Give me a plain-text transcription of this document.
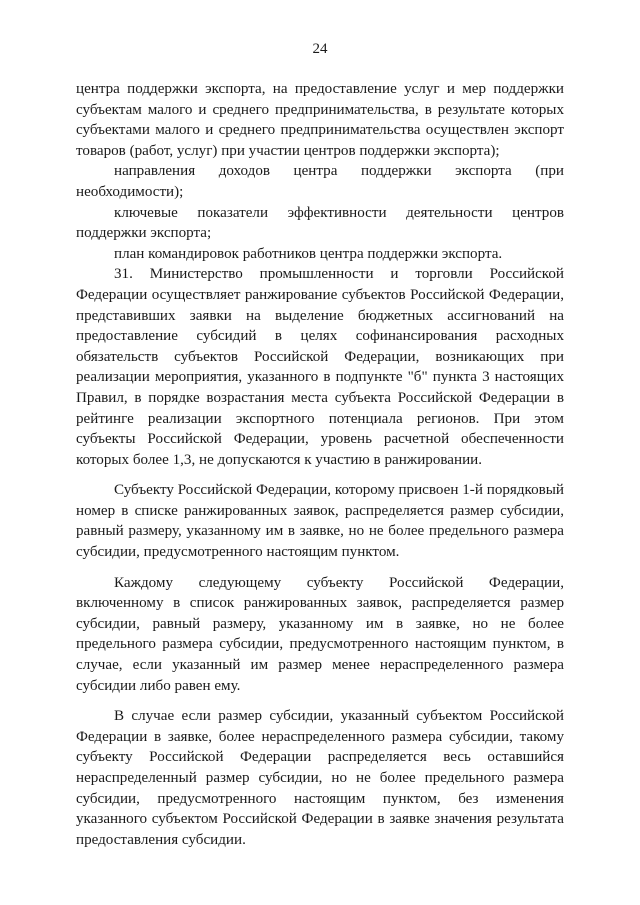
24

центра поддержки экспорта, на предоставление услуг и мер поддержки субъектам малого и среднего предпринимательства, в результате которых субъектами малого и среднего предпринимательства осуществлен экспорт товаров (работ, услуг) при участии центров поддержки экспорта);

направления доходов центра поддержки экспорта (при необходимости);

ключевые показатели эффективности деятельности центров поддержки экспорта;

план командировок работников центра поддержки экспорта.

31. Министерство промышленности и торговли Российской Федерации осуществляет ранжирование субъектов Российской Федерации, представивших заявки на выделение бюджетных ассигнований на предоставление субсидий в целях софинансирования расходных обязательств субъектов Российской Федерации, возникающих при реализации мероприятия, указанного в подпункте "б" пункта 3 настоящих Правил, в порядке возрастания места субъекта Российской Федерации в рейтинге реализации экспортного потенциала регионов. При этом субъекты Российской Федерации, уровень расчетной обеспеченности которых более 1,3, не допускаются к участию в ранжировании.

Субъекту Российской Федерации, которому присвоен 1-й порядковый номер в списке ранжированных заявок, распределяется размер субсидии, равный размеру, указанному им в заявке, но не более предельного размера субсидии, предусмотренного настоящим пунктом.

Каждому следующему субъекту Российской Федерации, включенному в список ранжированных заявок, распределяется размер субсидии, равный размеру, указанному им в заявке, но не более предельного размера субсидии, предусмотренного настоящим пунктом, в случае, если указанный им размер менее нераспределенного размера субсидии либо равен ему.

В случае если размер субсидии, указанный субъектом Российской Федерации в заявке, более нераспределенного размера субсидии, такому субъекту Российской Федерации распределяется весь оставшийся нераспределенный размер субсидии, но не более предельного размера субсидии, предусмотренного настоящим пунктом, без изменения указанного субъектом Российской Федерации в заявке значения результата предоставления субсидии.
